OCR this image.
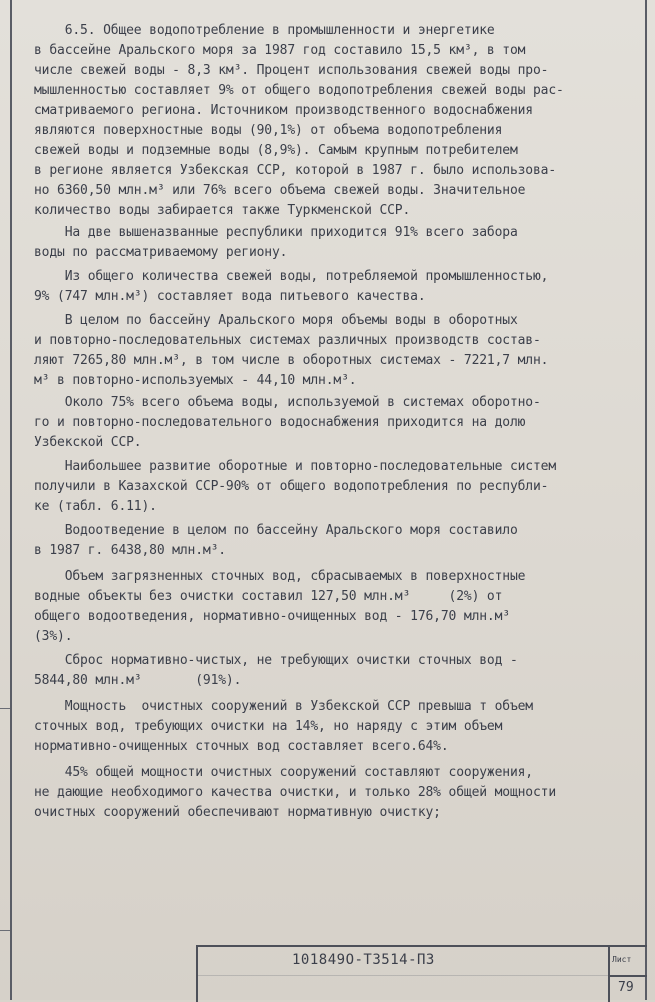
6.5. Общее водопотребление в промышленности и энергетике
в бассейне Аральского моря за 1987 год составило 15,5 км³, в том
числе свежей воды - 8,3 км³. Процент использования свежей воды про-
мышленностью составляет 9% от общего водопотребления свежей воды рас-
сматриваемого региона. Источником производственного водоснабжения
являются поверхностные воды (90,1%) от объема водопотребления
свежей воды и подземные воды (8,9%). Самым крупным потребителем
в регионе является Узбекская ССР, которой в 1987 г. было использова-
но 6360,50 млн.м³ или 76% всего объема свежей воды. Значительное
количество воды забирается также Туркменской ССР.
На две вышеназванные республики приходится 91% всего забора
воды по рассматриваемому региону.
Из общего количества свежей воды, потребляемой промышленностью,
9% (747 млн.м³) составляет вода питьевого качества.
В целом по бассейну Аральского моря объемы воды в оборотных
и повторно-последовательных системах различных производств состав-
ляют 7265,80 млн.м³, в том числе в оборотных системах - 7221,7 млн.
м³ в повторно-используемых - 44,10 млн.м³.
Около 75% всего объема воды, используемой в системах оборотно-
го и повторно-последовательного водоснабжения приходится на долю
Узбекской ССР.
Наибольшее развитие оборотные и повторно-последовательные систем
получили в Казахской ССР-90% от общего водопотребления по республи-
ке (табл. 6.11).
Водоотведение в целом по бассейну Аральского моря составило
в 1987 г. 6438,80 млн.м³.
Объем загрязненных сточных вод, сбрасываемых в поверхностные
водные объекты без очистки составил 127,50 млн.м³     (2%) от
общего водоотведения, нормативно-очищенных вод - 176,70 млн.м³
(3%).
Сброс нормативно-чистых, не требующих очистки сточных вод -
5844,80 млн.м³       (91%).
Мощность  очистных сооружений в Узбекской ССР превыша т объем
сточных вод, требующих очистки на 14%, но наряду с этим объем
нормативно-очищенных сточных вод составляет всего.64%.
45% общей мощности очистных сооружений составляют сооружения,
не дающие необходимого качества очистки, и только 28% общей мощности
очистных сооружений обеспечивают нормативную очистку;
101849О-Т3514-П3	Лист
79
